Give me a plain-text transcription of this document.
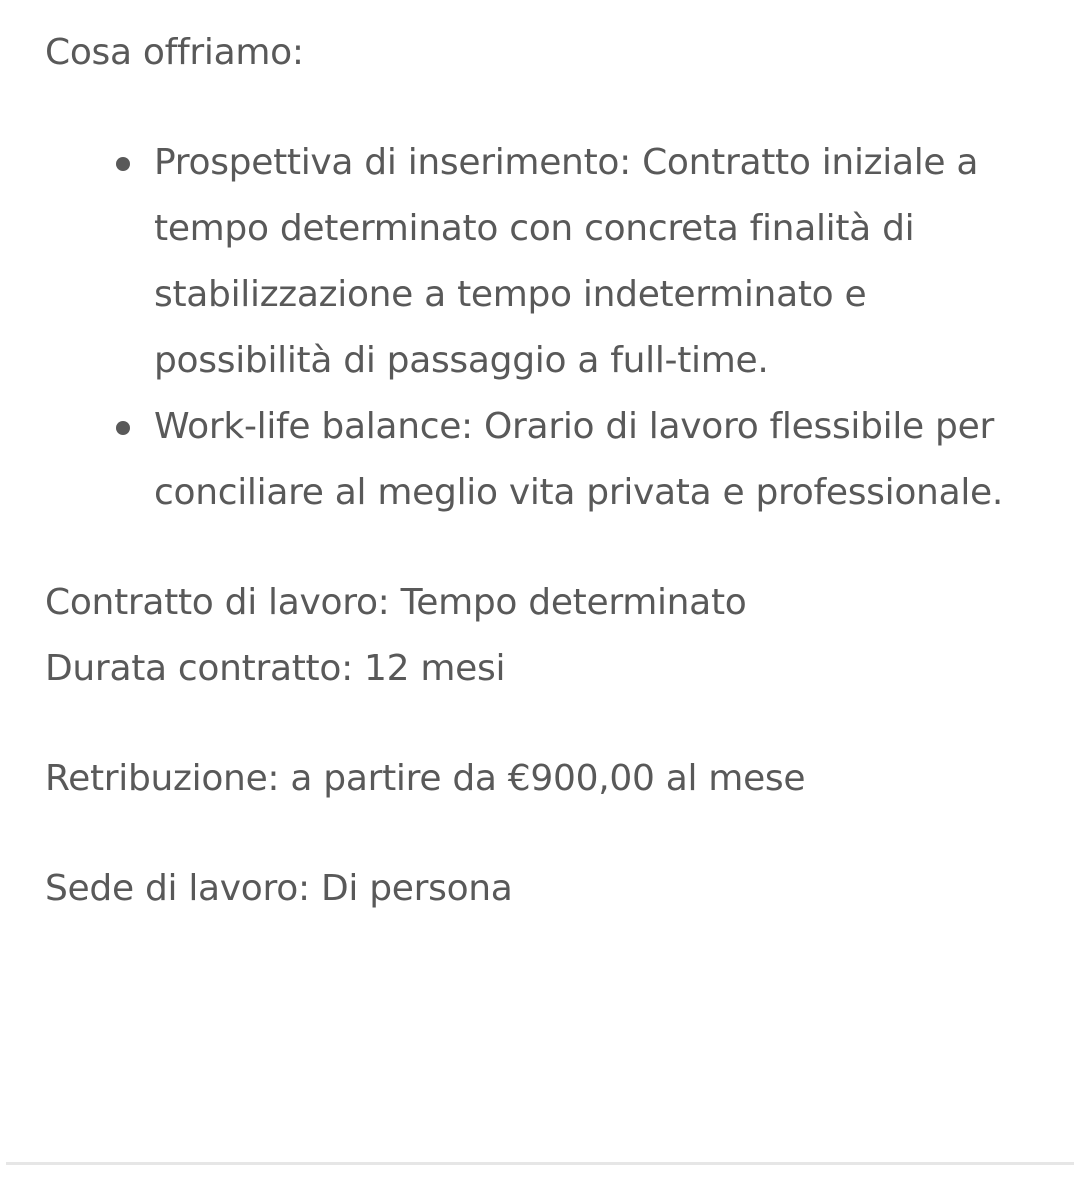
Cosa offriamo:

Prospettiva di inserimento: Contratto iniziale a tempo determinato con concreta finalità di stabilizzazione a tempo indeterminato e possibilità di passaggio a full-time.
Work-life balance: Orario di lavoro flessibile per conciliare al meglio vita privata e professionale.

Contratto di lavoro: Tempo determinato

Durata contratto: 12 mesi

Retribuzione: a partire da €900,00 al mese

Sede di lavoro: Di persona
